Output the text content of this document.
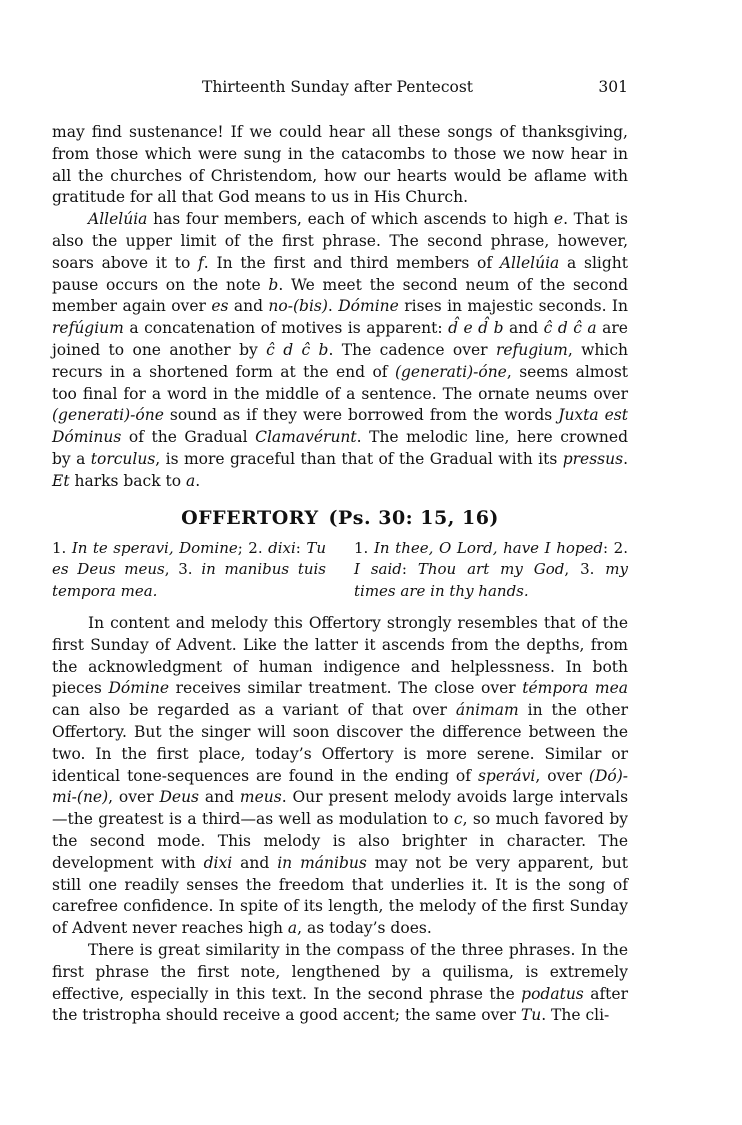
Thirteenth Sunday after Pentecost	301

may find sustenance! If we could hear all these songs of thanksgiving, from those which were sung in the catacombs to those we now hear in all the churches of Christendom, how our hearts would be aflame with gratitude for all that God means to us in His Church.

Allelúia has four members, each of which ascends to high e. That is also the upper limit of the first phrase. The second phrase, however, soars above it to f. In the first and third members of Allelúia a slight pause occurs on the note b. We meet the second neum of the second member again over es and no-(bis). Dómine rises in majestic seconds. In refúgium a concatenation of motives is apparent: d̂ e d̂ b and ĉ d ĉ a are joined to one another by ĉ d ĉ b. The cadence over refugium, which recurs in a shortened form at the end of (generati)-óne, seems almost too final for a word in the middle of a sentence. The ornate neums over (generati)-óne sound as if they were borrowed from the words Juxta est Dóminus of the Gradual Clamavérunt. The melodic line, here crowned by a torculus, is more graceful than that of the Gradual with its pressus. Et harks back to a.

OFFERTORY (Ps. 30: 15, 16)
1. In te speravi, Domine; 2. dixi: Tu es Deus meus, 3. in manibus tuis tempora mea.
1. In thee, O Lord, have I hoped: 2. I said: Thou art my God, 3. my times are in thy hands.

In content and melody this Offertory strongly resembles that of the first Sunday of Advent. Like the latter it ascends from the depths, from the acknowledgment of human indigence and helplessness. In both pieces Dómine receives similar treatment. The close over témpora mea can also be regarded as a variant of that over ánimam in the other Offertory. But the singer will soon discover the difference between the two. In the first place, today’s Offertory is more serene. Similar or identical tone-sequences are found in the ending of sperávi, over (Dó)-mi-(ne), over Deus and meus. Our present melody avoids large intervals—the greatest is a third—as well as modulation to c, so much favored by the second mode. This melody is also brighter in character. The development with dixi and in mánibus may not be very apparent, but still one readily senses the freedom that underlies it. It is the song of carefree confidence. In spite of its length, the melody of the first Sunday of Advent never reaches high a, as today’s does.

There is great similarity in the compass of the three phrases. In the first phrase the first note, lengthened by a quilisma, is extremely effective, especially in this text. In the second phrase the podatus after the tristropha should receive a good accent; the same over Tu. The cli-
